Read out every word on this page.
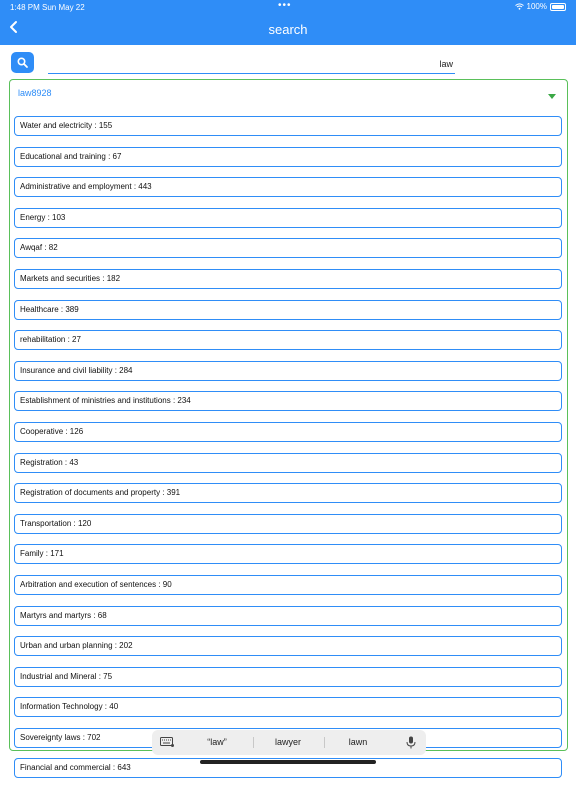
1:48 PM Sun May 22	•••	100%
search
law
law8928
Water and electricity : 155
Educational and training : 67
Administrative and employment : 443
Energy : 103
Awqaf : 82
Markets and securities : 182
Healthcare : 389
rehabilitation : 27
Insurance and civil liability : 284
Establishment of ministries and institutions : 234
Cooperative : 126
Registration : 43
Registration of documents and property : 391
Transportation : 120
Family : 171
Arbitration and execution of sentences : 90
Martyrs and martyrs : 68
Urban and urban planning : 202
Industrial and Mineral : 75
Information Technology : 40
Sovereignty laws : 702
Financial and commercial : 643
“law”	lawyer	lawn
